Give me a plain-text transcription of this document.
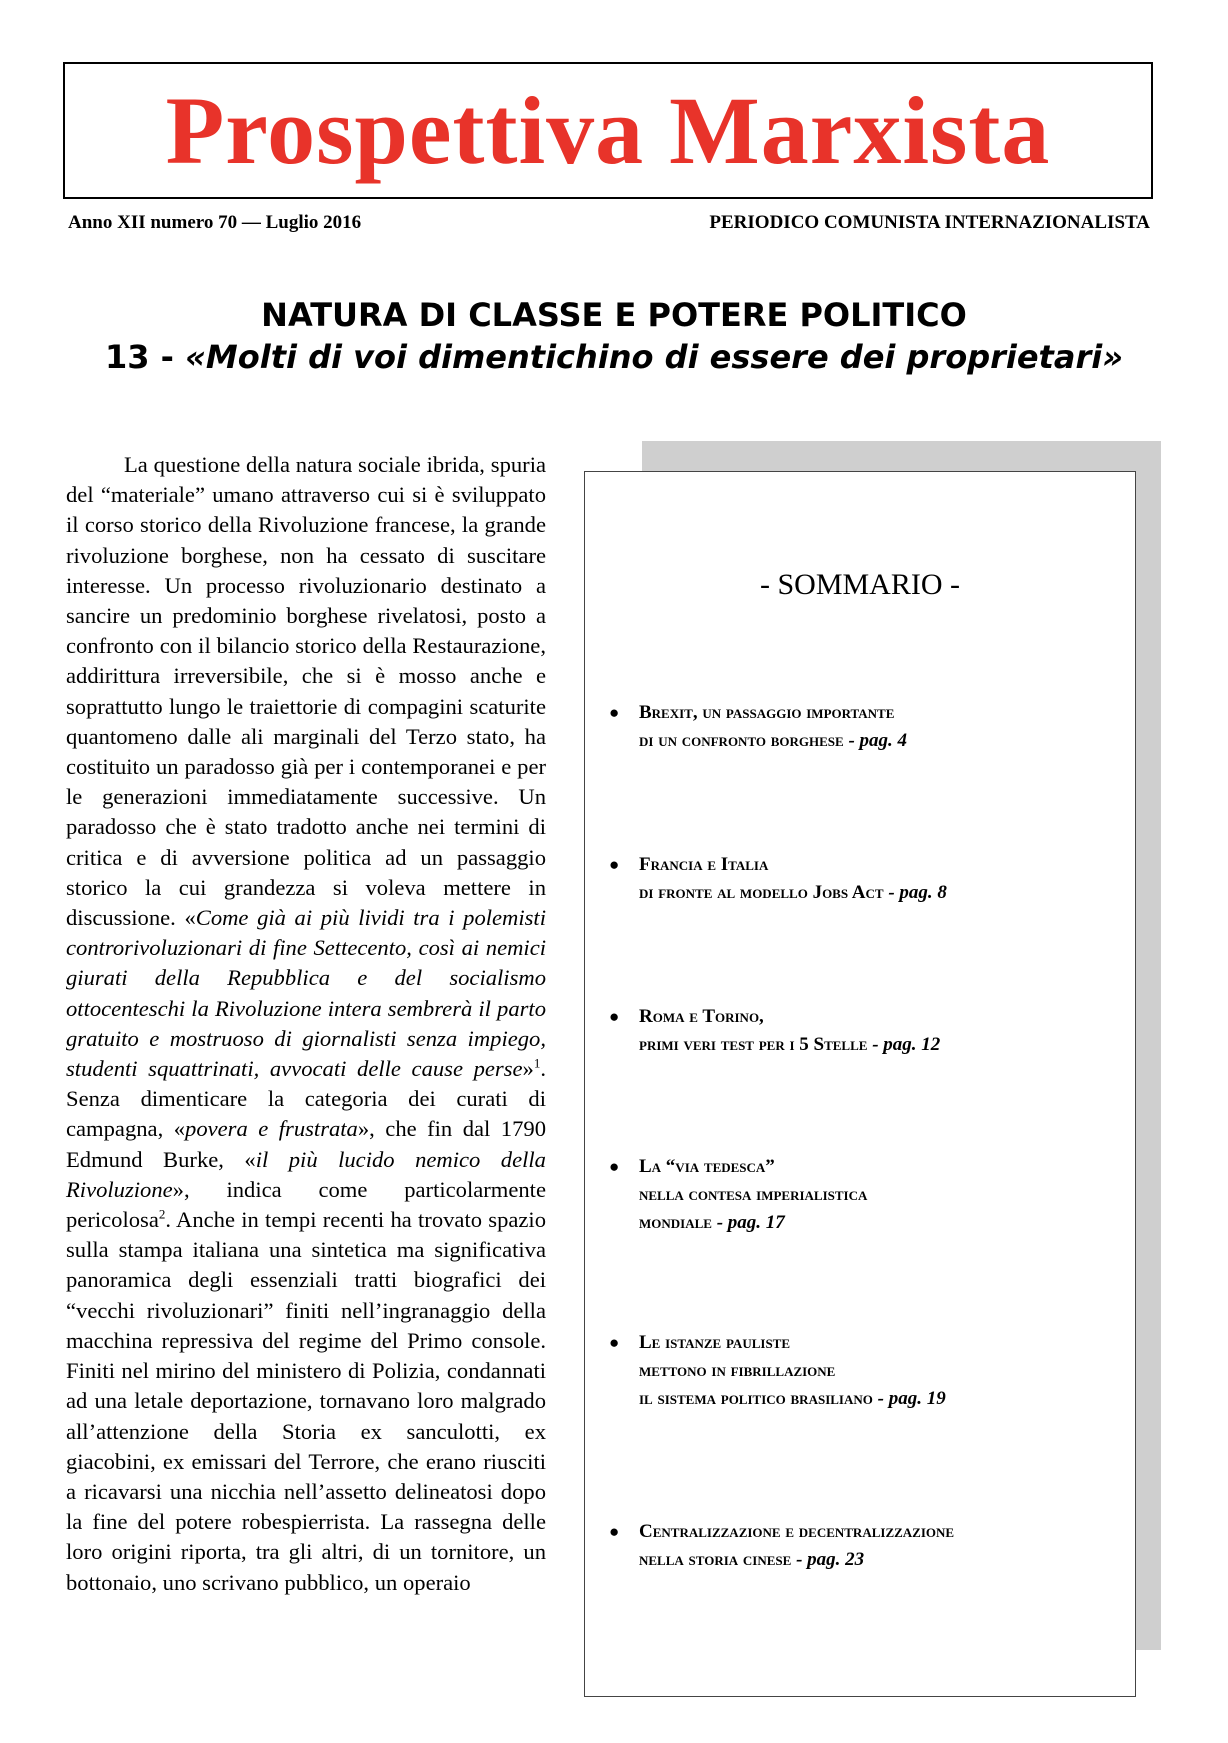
Prospettiva Marxista
Anno XII numero 70 — Luglio 2016	PERIODICO COMUNISTA INTERNAZIONALISTA
NATURA DI CLASSE E POTERE POLITICO
13 - «Molti di voi dimentichino di essere dei proprietari»

La questione della natura sociale ibrida, spuria del “materiale” umano attraverso cui si è sviluppato il corso storico della Rivoluzione francese, la grande rivoluzione borghese, non ha cessato di suscitare interesse. Un processo rivoluzionario destinato a sancire un predominio borghese rivelatosi, posto a confronto con il bilancio storico della Restaurazione, addirittura irreversibile, che si è mosso anche e soprattutto lungo le traiettorie di compagini scaturite quantomeno dalle ali marginali del Terzo stato, ha costituito un paradosso già per i contemporanei e per le generazioni immediatamente successive. Un paradosso che è stato tradotto anche nei termini di critica e di avversione politica ad un passaggio storico la cui grandezza si voleva mettere in discussione. «Come già ai più lividi tra i polemisti controrivoluzionari di fine Settecento, così ai nemici giurati della Repubblica e del socialismo ottocenteschi la Rivoluzione intera sembrerà il parto gratuito e mostruoso di giornalisti senza impiego, studenti squattrinati, avvocati delle cause perse»$^1$. Senza dimenticare la categoria dei curati di campagna, «povera e frustrata», che fin dal 1790 Edmund Burke, «il più lucido nemico della Rivoluzione», indica come particolarmente pericolosa$^2$. Anche in tempi recenti ha trovato spazio sulla stampa italiana una sintetica ma significativa panoramica degli essenziali tratti biografici dei “vecchi rivoluzionari” finiti nell’ingranaggio della macchina repressiva del regime del Primo console. Finiti nel mirino del ministero di Polizia, condannati ad una letale deportazione, tornavano loro malgrado all’attenzione della Storia ex sanculotti, ex giacobini, ex emissari del Terrore, che erano riusciti a ricavarsi una nicchia nell’assetto delineatosi dopo la fine del potere robespierrista. La rassegna delle loro origini riporta, tra gli altri, di un tornitore, un bottonaio, uno scrivano pubblico, un operaio

- SOMMARIO -
● Brexit, un passaggio importante
di un confronto borghese - pag. 4
● Francia e Italia
di fronte al modello Jobs Act - pag. 8
● Roma e Torino,
primi veri test per i 5 Stelle - pag. 12
● La “via tedesca”
nella contesa imperialistica
mondiale - pag. 17
● Le istanze pauliste
mettono in fibrillazione
il sistema politico brasiliano - pag. 19
● Centralizzazione e decentralizzazione
nella storia cinese - pag. 23
